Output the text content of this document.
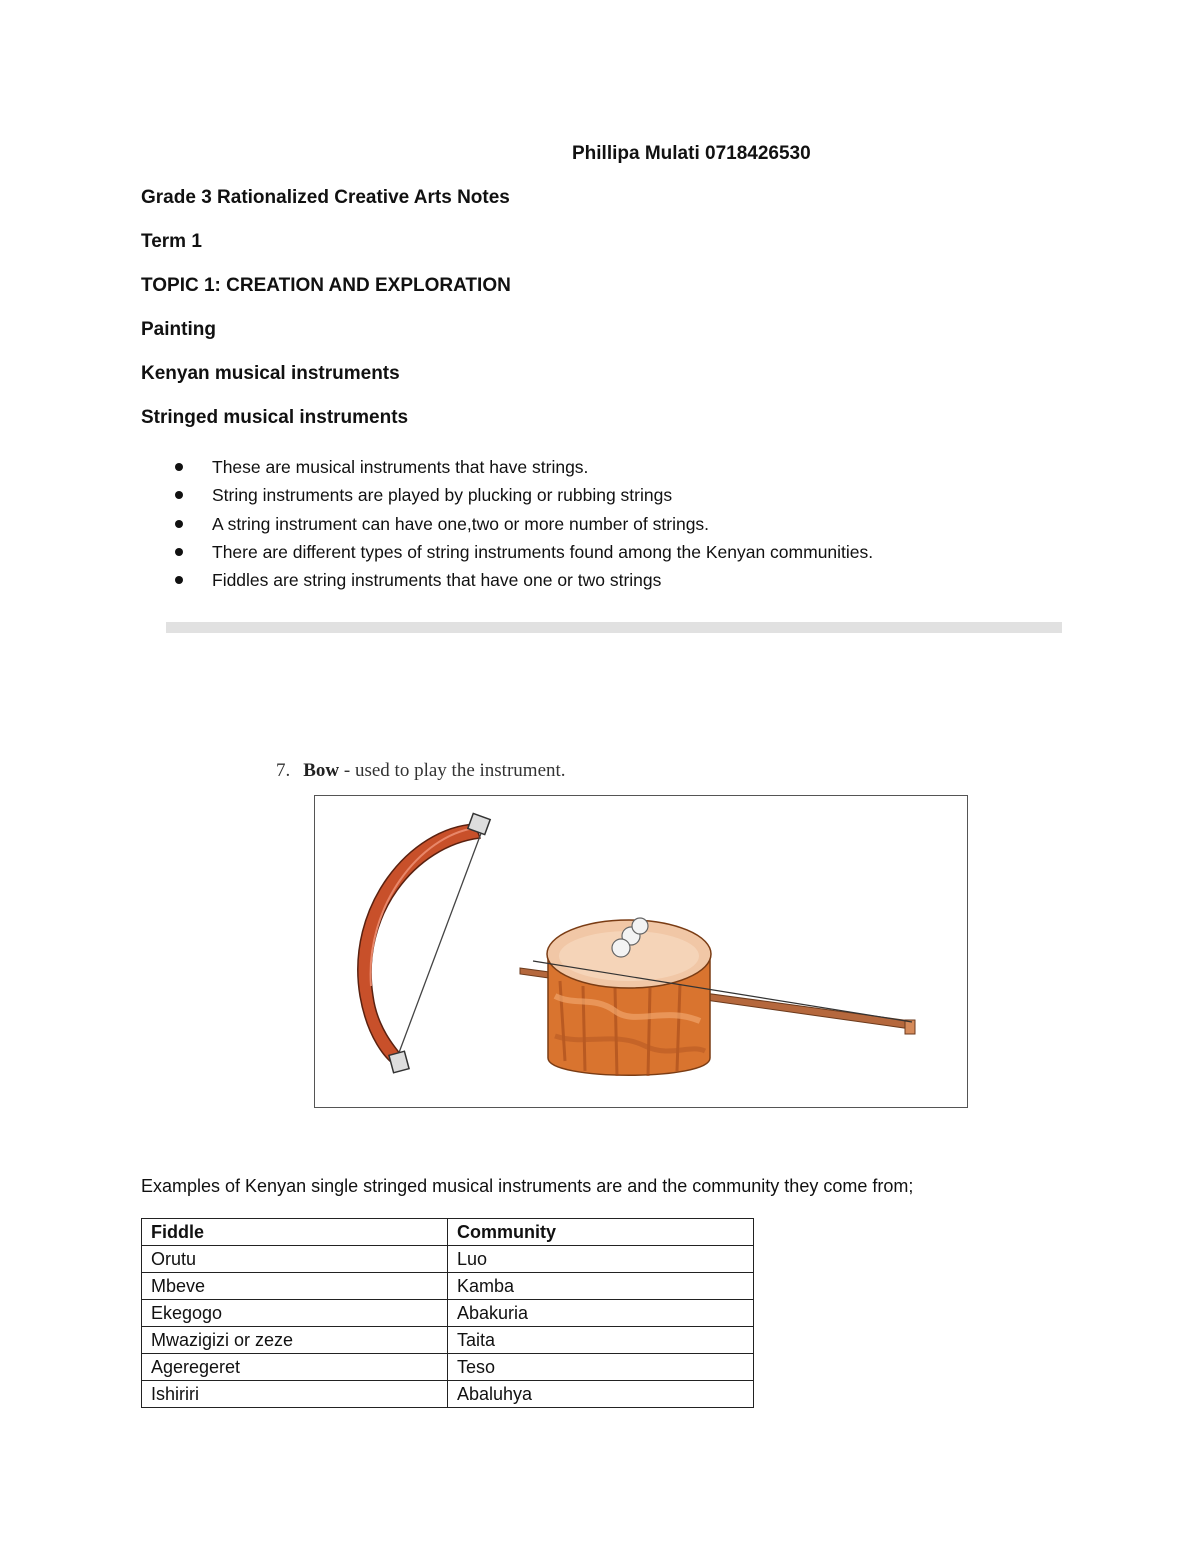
Phillipa Mulati 0718426530
Grade 3 Rationalized Creative Arts Notes
Term 1
TOPIC 1: CREATION AND EXPLORATION
Painting
Kenyan musical instruments
Stringed musical instruments
These are musical instruments that have strings.
String instruments are played by plucking or rubbing strings
A string instrument can have one,two or more number of strings.
There are different types of string instruments found among the Kenyan communities.
Fiddles are string instruments that have one or two strings
7. Bow - used to play the instrument.
Examples of Kenyan single stringed musical instruments are and the community they come from;
Fiddle	Community
Orutu	Luo
Mbeve	Kamba
Ekegogo	Abakuria
Mwazigizi or zeze	Taita
Ageregeret	Teso
Ishiriri	Abaluhya
